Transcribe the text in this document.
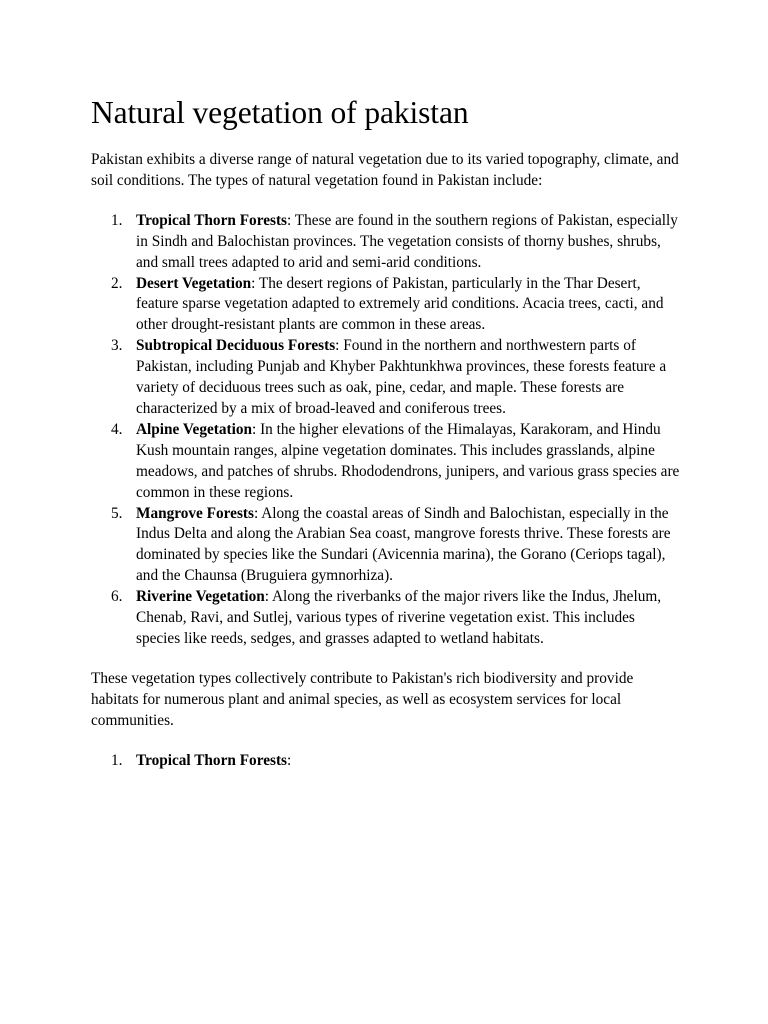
Natural vegetation of pakistan

Pakistan exhibits a diverse range of natural vegetation due to its varied topography, climate, and soil conditions. The types of natural vegetation found in Pakistan include:

1. Tropical Thorn Forests: These are found in the southern regions of Pakistan, especially in Sindh and Balochistan provinces. The vegetation consists of thorny bushes, shrubs, and small trees adapted to arid and semi-arid conditions.
2. Desert Vegetation: The desert regions of Pakistan, particularly in the Thar Desert, feature sparse vegetation adapted to extremely arid conditions. Acacia trees, cacti, and other drought-resistant plants are common in these areas.
3. Subtropical Deciduous Forests: Found in the northern and northwestern parts of Pakistan, including Punjab and Khyber Pakhtunkhwa provinces, these forests feature a variety of deciduous trees such as oak, pine, cedar, and maple. These forests are characterized by a mix of broad-leaved and coniferous trees.
4. Alpine Vegetation: In the higher elevations of the Himalayas, Karakoram, and Hindu Kush mountain ranges, alpine vegetation dominates. This includes grasslands, alpine meadows, and patches of shrubs. Rhododendrons, junipers, and various grass species are common in these regions.
5. Mangrove Forests: Along the coastal areas of Sindh and Balochistan, especially in the Indus Delta and along the Arabian Sea coast, mangrove forests thrive. These forests are dominated by species like the Sundari (Avicennia marina), the Gorano (Ceriops tagal), and the Chaunsa (Bruguiera gymnorhiza).
6. Riverine Vegetation: Along the riverbanks of the major rivers like the Indus, Jhelum, Chenab, Ravi, and Sutlej, various types of riverine vegetation exist. This includes species like reeds, sedges, and grasses adapted to wetland habitats.

These vegetation types collectively contribute to Pakistan's rich biodiversity and provide habitats for numerous plant and animal species, as well as ecosystem services for local communities.

1. Tropical Thorn Forests:
